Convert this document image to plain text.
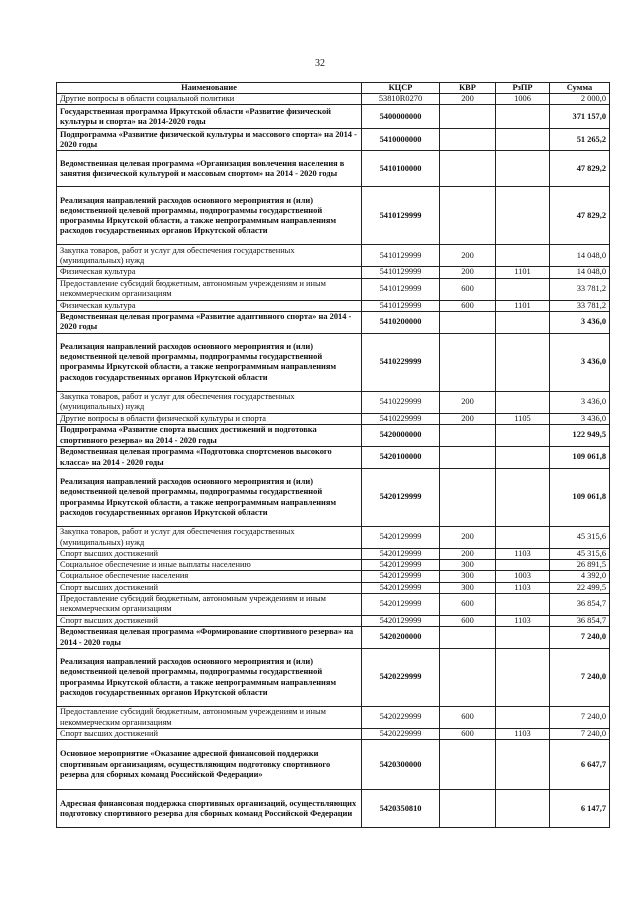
32
Наименование	КЦСР	КВР	РзПР	Сумма
Другие вопросы в области социальной политики	53810R0270	200	1006	2 000,0
Государственная программа Иркутской области «Развитие физической культуры и спорта» на 2014-2020 годы	5400000000			371 157,0
Подпрограмма «Развитие физической культуры и массового спорта» на 2014 - 2020 годы	5410000000			51 265,2
Ведомственная целевая программа «Организация вовлечения населения в занятия физической культурой и массовым спортом» на 2014 - 2020 годы	5410100000			47 829,2
Реализация направлений расходов основного мероприятия и (или) ведомственной целевой программы, подпрограммы государственной программы Иркутской области, а также непрограммным направлениям расходов государственных органов Иркутской области	5410129999			47 829,2
Закупка товаров, работ и услуг для обеспечения государственных (муниципальных) нужд	5410129999	200		14 048,0
Физическая культура	5410129999	200	1101	14 048,0
Предоставление субсидий бюджетным, автономным учреждениям и иным некоммерческим организациям	5410129999	600		33 781,2
Физическая культура	5410129999	600	1101	33 781,2
Ведомственная целевая программа «Развитие адаптивного спорта» на 2014 - 2020 годы	5410200000			3 436,0
Реализация направлений расходов основного мероприятия и (или) ведомственной целевой программы, подпрограммы государственной программы Иркутской области, а также непрограммным направлениям расходов государственных органов Иркутской области	5410229999			3 436,0
Закупка товаров, работ и услуг для обеспечения государственных (муниципальных) нужд	5410229999	200		3 436,0
Другие вопросы в области физической культуры и спорта	5410229999	200	1105	3 436,0
Подпрограмма «Развитие спорта высших достижений и подготовка спортивного резерва» на 2014 - 2020 годы	5420000000			122 949,5
Ведомственная целевая программа «Подготовка спортсменов высокого класса» на 2014 - 2020 годы	5420100000			109 061,8
Реализация направлений расходов основного мероприятия и (или) ведомственной целевой программы, подпрограммы государственной программы Иркутской области, а также непрограммным направлениям расходов государственных органов Иркутской области	5420129999			109 061,8
Закупка товаров, работ и услуг для обеспечения государственных (муниципальных) нужд	5420129999	200		45 315,6
Спорт высших достижений	5420129999	200	1103	45 315,6
Социальное обеспечение и иные выплаты населению	5420129999	300		26 891,5
Социальное обеспечение населения	5420129999	300	1003	4 392,0
Спорт высших достижений	5420129999	300	1103	22 499,5
Предоставление субсидий бюджетным, автономным учреждениям и иным некоммерческим организациям	5420129999	600		36 854,7
Спорт высших достижений	5420129999	600	1103	36 854,7
Ведомственная целевая программа «Формирование спортивного резерва» на 2014 - 2020 годы	5420200000			7 240,0
Реализация направлений расходов основного мероприятия и (или) ведомственной целевой программы, подпрограммы государственной программы Иркутской области, а также непрограммным направлениям расходов государственных органов Иркутской области	5420229999			7 240,0
Предоставление субсидий бюджетным, автономным учреждениям и иным некоммерческим организациям	5420229999	600		7 240,0
Спорт высших достижений	5420229999	600	1103	7 240,0
Основное мероприятие «Оказание адресной финансовой поддержки спортивным организациям, осуществляющим подготовку спортивного резерва для сборных команд Российской Федерации»	5420300000			6 647,7
Адресная финансовая поддержка спортивных организаций, осуществляющих подготовку спортивного резерва для сборных команд Российской Федерации	5420350810			6 147,7
